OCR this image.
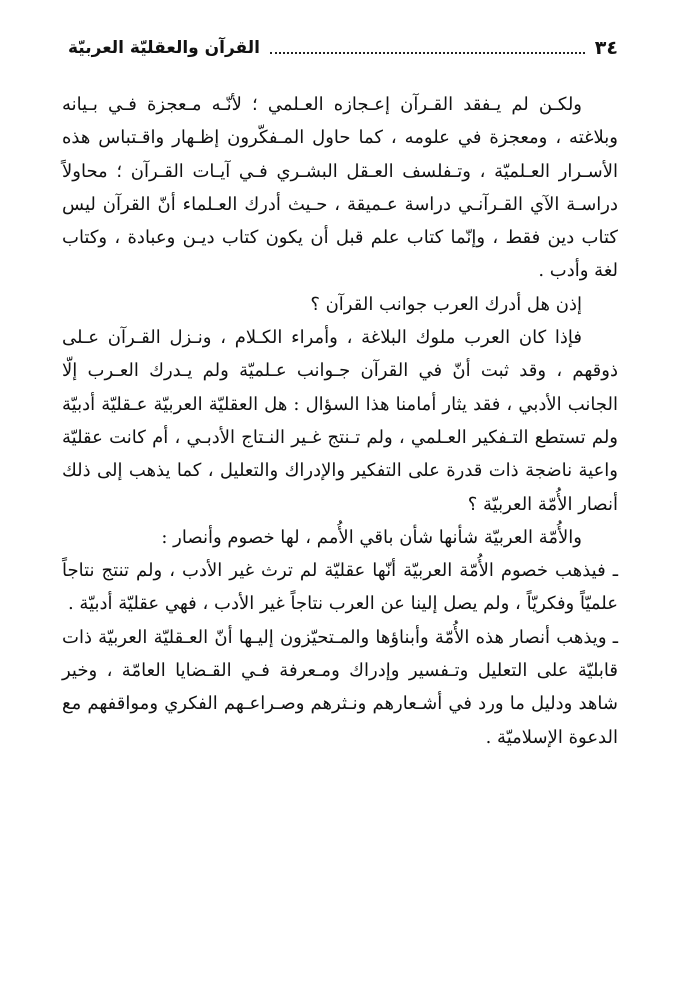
٣٤
القرآن والعقليّة العربيّة

ولكـن لم يـفقد القـرآن إعـجازه العـلمي ؛ لأنّـه مـعجزة فـي بـيانه وبلاغته ، ومعجزة في علومه ، كما حاول المـفكّرون إظـهار واقـتباس هذه الأسـرار العـلميّة ، وتـفلسف العـقل البشـري فـي آيـات القـرآن ؛ محاولاً دراسـة الآي القـرآنـي دراسة عـميقة ، حـيث أدرك العـلماء أنّ القرآن ليس كتاب دين فقط ، وإنّما كتاب علم قبل أن يكون كتاب ديـن وعبادة ، وكتاب لغة وأدب .

إذن هل أدرك العرب جوانب القرآن ؟

فإذا كان العرب ملوك البلاغة ، وأمراء الكـلام ، ونـزل القـرآن عـلى ذوقهم ، وقد ثبت أنّ في القرآن جـوانب عـلميّة ولم يـدرك العـرب إلّا الجانب الأدبي ، فقد يثار أمامنا هذا السؤال : هل العقليّة العربيّة عـقليّة أدبيّة ولم تستطع التـفكير العـلمي ، ولم تـنتج غـير النـتاج الأدبـي ، أم كانت عقليّة واعية ناضجة ذات قدرة على التفكير والإدراك والتعليل ، كما يذهب إلى ذلك أنصار الأُمّة العربيّة ؟

والأُمّة العربيّة شأنها شأن باقي الأُمم ، لها خصوم وأنصار :

ـ فيذهب خصوم الأُمّة العربيّة أنّها عقليّة لم ترث غير الأدب ، ولم تنتج نتاجاً علميّاً وفكريّاً ، ولم يصل إلينا عن العرب نتاجاً غير الأدب ، فهي عقليّة أدبيّة .

ـ ويذهب أنصار هذه الأُمّة وأبناؤها والمـتحيّزون إليـها أنّ العـقليّة العربيّة ذات قابليّة على التعليل وتـفسير وإدراك ومـعرفة فـي القـضايا العامّة ، وخير شاهد ودليل ما ورد في أشـعارهم ونـثرهم وصـراعـهم الفكري ومواقفهم مع الدعوة الإسلاميّة .
